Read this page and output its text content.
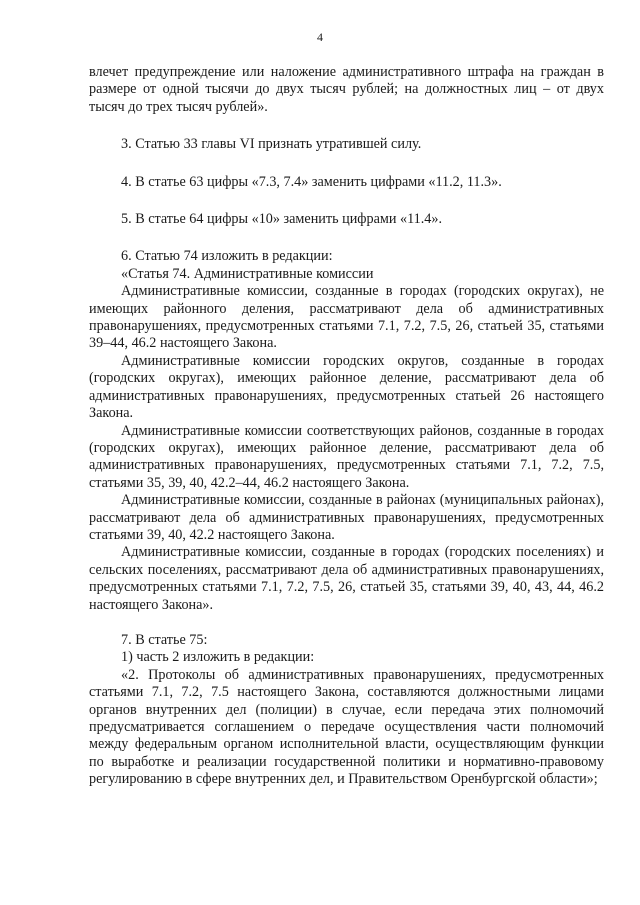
4

влечет предупреждение или наложение административного штрафа на граждан в размере от одной тысячи до двух тысяч рублей; на должностных лиц – от двух тысяч до трех тысяч рублей».

3. Статью 33 главы VI признать утратившей силу.

4. В статье 63 цифры «7.3, 7.4» заменить цифрами «11.2, 11.3».

5. В статье 64 цифры «10» заменить цифрами «11.4».

6. Статью 74 изложить в редакции:

«Статья 74. Административные комиссии

Административные комиссии, созданные в городах (городских округах), не имеющих районного деления, рассматривают дела об административных правонарушениях, предусмотренных статьями 7.1, 7.2, 7.5, 26, статьей 35, статьями 39–44, 46.2 настоящего Закона.

Административные комиссии городских округов, созданные в городах (городских округах), имеющих районное деление, рассматривают дела об административных правонарушениях, предусмотренных статьей 26 настоящего Закона.

Административные комиссии соответствующих районов, созданные в городах (городских округах), имеющих районное деление, рассматривают дела об административных правонарушениях, предусмотренных статьями 7.1, 7.2, 7.5, статьями 35, 39, 40, 42.2–44, 46.2 настоящего Закона.

Административные комиссии, созданные в районах (муниципальных районах), рассматривают дела об административных правонарушениях, предусмотренных статьями 39, 40, 42.2 настоящего Закона.

Административные комиссии, созданные в городах (городских поселениях) и сельских поселениях, рассматривают дела об административных правонарушениях, предусмотренных статьями 7.1, 7.2, 7.5, 26, статьей 35, статьями 39, 40, 43, 44, 46.2 настоящего Закона».

7. В статье 75:

1) часть 2 изложить в редакции:

«2. Протоколы об административных правонарушениях, предусмотренных статьями 7.1, 7.2, 7.5 настоящего Закона, составляются должностными лицами органов внутренних дел (полиции) в случае, если передача этих полномочий предусматривается соглашением о передаче осуществления части полномочий между федеральным органом исполнительной власти, осуществляющим функции по выработке и реализации государственной политики и нормативно-правовому регулированию в сфере внутренних дел, и Правительством Оренбургской области»;
